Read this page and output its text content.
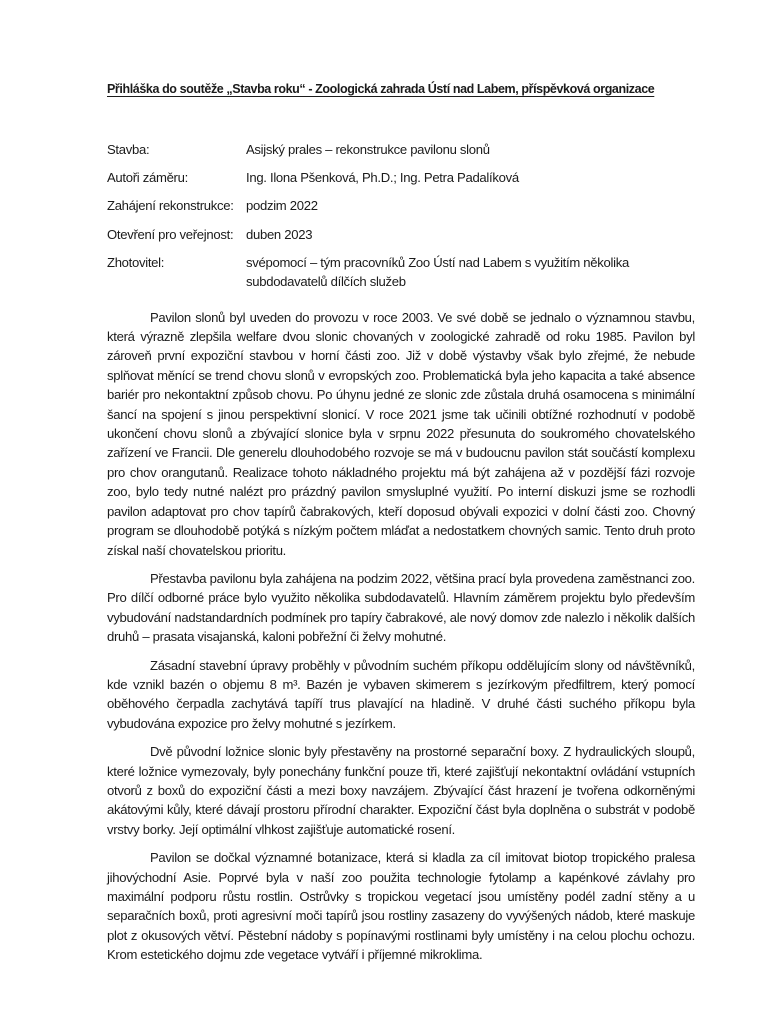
Přihláška do soutěže „Stavba roku“ - Zoologická zahrada Ústí nad Labem, příspěvková organizace
Stavba:	Asijský prales – rekonstrukce pavilonu slonů
Autoři záměru:	Ing. Ilona Pšenková, Ph.D.; Ing. Petra Padalíková
Zahájení rekonstrukce: podzim 2022
Otevření pro veřejnost: duben 2023
Zhotovitel:	svépomocí – tým pracovníků Zoo Ústí nad Labem s využitím několika subdodavatelů dílčích služeb

Pavilon slonů byl uveden do provozu v roce 2003. Ve své době se jednalo o významnou stavbu, která výrazně zlepšila welfare dvou slonic chovaných v zoologické zahradě od roku 1985. Pavilon byl zároveň první expoziční stavbou v horní části zoo. Již v době výstavby však bylo zřejmé, že nebude splňovat měnící se trend chovu slonů v evropských zoo. Problematická byla jeho kapacita a také absence bariér pro nekontaktní způsob chovu. Po úhynu jedné ze slonic zde zůstala druhá osamocena s minimální šancí na spojení s jinou perspektivní slonicí. V roce 2021 jsme tak učinili obtížné rozhodnutí v podobě ukončení chovu slonů a zbývající slonice byla v srpnu 2022 přesunuta do soukromého chovatelského zařízení ve Francii. Dle generelu dlouhodobého rozvoje se má v budoucnu pavilon stát součástí komplexu pro chov orangutanů. Realizace tohoto nákladného projektu má být zahájena až v pozdější fázi rozvoje zoo, bylo tedy nutné nalézt pro prázdný pavilon smysluplné využití. Po interní diskuzi jsme se rozhodli pavilon adaptovat pro chov tapírů čabrakových, kteří doposud obývali expozici v dolní části zoo. Chovný program se dlouhodobě potýká s nízkým počtem mláďat a nedostatkem chovných samic. Tento druh proto získal naší chovatelskou prioritu.

Přestavba pavilonu byla zahájena na podzim 2022, většina prací byla provedena zaměstnanci zoo. Pro dílčí odborné práce bylo využito několika subdodavatelů. Hlavním záměrem projektu bylo především vybudování nadstandardních podmínek pro tapíry čabrakové, ale nový domov zde nalezlo i několik dalších druhů – prasata visajanská, kaloni pobřežní či želvy mohutné.

Zásadní stavební úpravy proběhly v původním suchém příkopu oddělujícím slony od návštěvníků, kde vznikl bazén o objemu 8 m³. Bazén je vybaven skimerem s jezírkovým předfiltrem, který pomocí oběhového čerpadla zachytává tapíří trus plavající na hladině. V druhé části suchého příkopu byla vybudována expozice pro želvy mohutné s jezírkem.

Dvě původní ložnice slonic byly přestavěny na prostorné separační boxy. Z hydraulických sloupů, které ložnice vymezovaly, byly ponechány funkční pouze tři, které zajišťují nekontaktní ovládání vstupních otvorů z boxů do expoziční části a mezi boxy navzájem. Zbývající část hrazení je tvořena odkorněnými akátovými kůly, které dávají prostoru přírodní charakter. Expoziční část byla doplněna o substrát v podobě vrstvy borky. Její optimální vlhkost zajišťuje automatické rosení.

Pavilon se dočkal významné botanizace, která si kladla za cíl imitovat biotop tropického pralesa jihovýchodní Asie. Poprvé byla v naší zoo použita technologie fytolamp a kapénkové závlahy pro maximální podporu růstu rostlin. Ostrůvky s tropickou vegetací jsou umístěny podél zadní stěny a u separačních boxů, proti agresivní moči tapírů jsou rostliny zasazeny do vyvýšených nádob, které maskuje plot z okusových větví. Pěstební nádoby s popínavými rostlinami byly umístěny i na celou plochu ochozu. Krom estetického dojmu zde vegetace vytváří i příjemné mikroklima.
